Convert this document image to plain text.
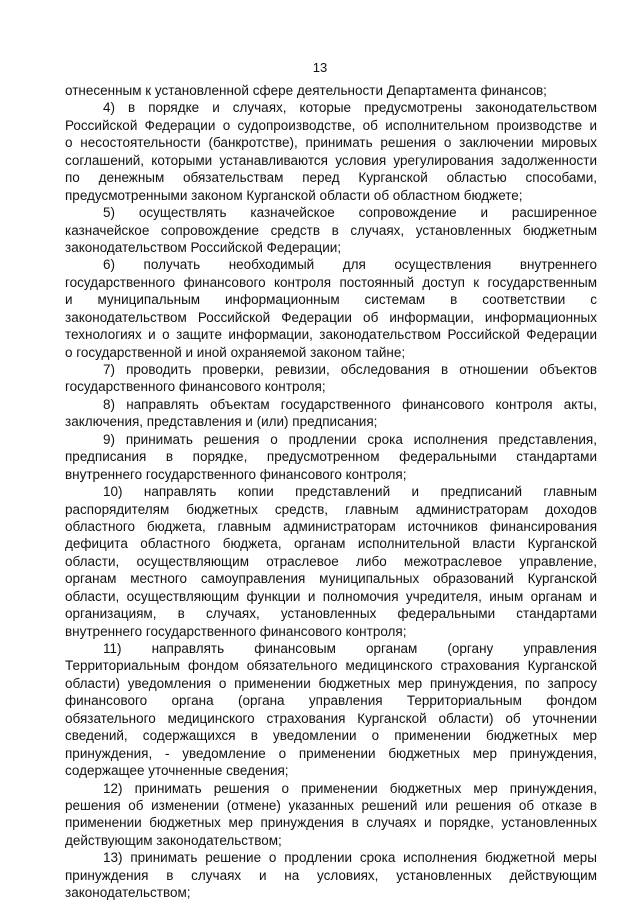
13
отнесенным к установленной сфере деятельности Департамента финансов;
4) в порядке и случаях, которые предусмотрены законодательством
Российской Федерации о судопроизводстве, об исполнительном производстве и
о несостоятельности (банкротстве), принимать решения о заключении мировых
соглашений, которыми устанавливаются условия урегулирования задолженности
по денежным обязательствам перед Курганской областью способами,
предусмотренными законом Курганской области об областном бюджете;
5) осуществлять казначейское сопровождение и расширенное
казначейское сопровождение средств в случаях, установленных бюджетным
законодательством Российской Федерации;
6) получать необходимый для осуществления внутреннего
государственного финансового контроля постоянный доступ к государственным
и муниципальным информационным системам в соответствии с
законодательством Российской Федерации об информации, информационных
технологиях и о защите информации, законодательством Российской Федерации
о государственной и иной охраняемой законом тайне;
7) проводить проверки, ревизии, обследования в отношении объектов
государственного финансового контроля;
8) направлять объектам государственного финансового контроля акты,
заключения, представления и (или) предписания;
9) принимать решения о продлении срока исполнения представления,
предписания в порядке, предусмотренном федеральными стандартами
внутреннего государственного финансового контроля;
10) направлять копии представлений и предписаний главным
распорядителям бюджетных средств, главным администраторам доходов
областного бюджета, главным администраторам источников финансирования
дефицита областного бюджета, органам исполнительной власти Курганской
области, осуществляющим отраслевое либо межотраслевое управление,
органам местного самоуправления муниципальных образований Курганской
области, осуществляющим функции и полномочия учредителя, иным органам и
организациям, в случаях, установленных федеральными стандартами
внутреннего государственного финансового контроля;
11) направлять финансовым органам (органу управления
Территориальным фондом обязательного медицинского страхования Курганской
области) уведомления о применении бюджетных мер принуждения, по запросу
финансового органа (органа управления Территориальным фондом
обязательного медицинского страхования Курганской области) об уточнении
сведений, содержащихся в уведомлении о применении бюджетных мер
принуждения, - уведомление о применении бюджетных мер принуждения,
содержащее уточненные сведения;
12) принимать решения о применении бюджетных мер принуждения,
решения об изменении (отмене) указанных решений или решения об отказе в
применении бюджетных мер принуждения в случаях и порядке, установленных
действующим законодательством;
13) принимать решение о продлении срока исполнения бюджетной меры
принуждения в случаях и на условиях, установленных действующим
законодательством;
